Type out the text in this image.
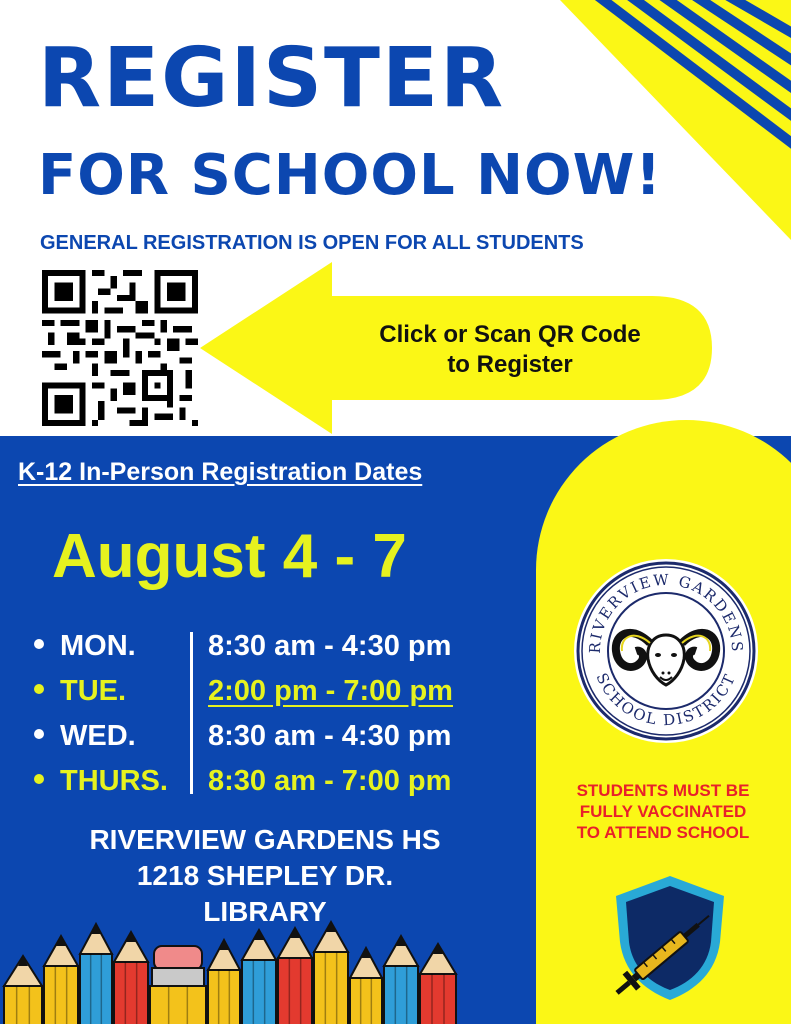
REGISTER
FOR SCHOOL NOW!
GENERAL REGISTRATION IS OPEN FOR ALL STUDENTS
Click or Scan QR Code
to Register
K-12 In-Person Registration Dates
August 4 - 7
MON.
TUE.
WED.
THURS.
8:30 am - 4:30 pm
2:00 pm - 7:00 pm
8:30 am - 4:30 pm
8:30 am - 7:00 pm
RIVERVIEW GARDENS HS
1218 SHEPLEY DR.
LIBRARY
RIVERVIEW GARDENS
SCHOOL DISTRICT
STUDENTS MUST BE
FULLY VACCINATED
TO ATTEND SCHOOL
